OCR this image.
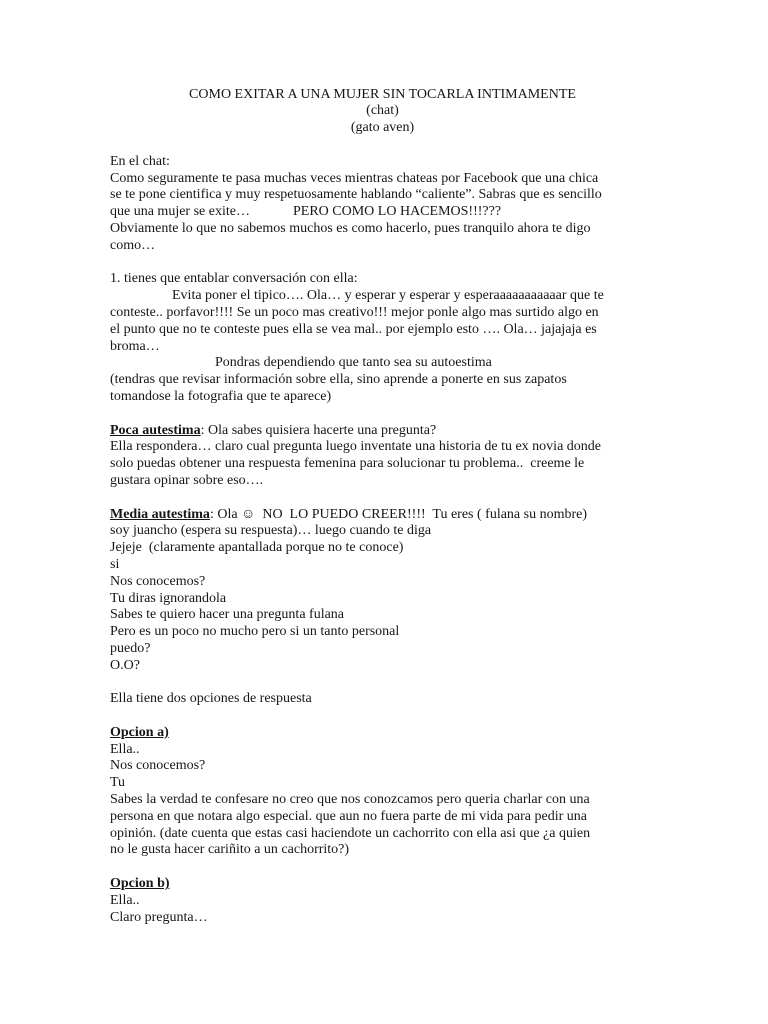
COMO EXITAR A UNA MUJER SIN TOCARLA INTIMAMENTE
(chat)
(gato aven)
En el chat:
Como seguramente te pasa muchas veces mientras chateas por Facebook que una chica
se te pone cientifica y muy respetuosamente hablando “caliente”. Sabras que es sencillo
que una mujer se exite…	PERO COMO LO HACEMOS!!!???
Obviamente lo que no sabemos muchos es como hacerlo, pues tranquilo ahora te digo
como…
1. tienes que entablar conversación con ella:
Evita poner el tipico…. Ola… y esperar y esperar y esperaaaaaaaaaaar que te
conteste.. porfavor!!!! Se un poco mas creativo!!! mejor ponle algo mas surtido algo en
el punto que no te conteste pues ella se vea mal.. por ejemplo esto …. Ola… jajajaja es
broma…
Pondras dependiendo que tanto sea su autoestima
(tendras que revisar información sobre ella, sino aprende a ponerte en sus zapatos
tomandose la fotografia que te aparece)
Poca autestima: Ola sabes quisiera hacerte una pregunta?
Ella respondera… claro cual pregunta luego inventate una historia de tu ex novia donde
solo puedas obtener una respuesta femenina para solucionar tu problema..  creeme le
gustara opinar sobre eso….
Media autestima: Ola ☺  NO  LO PUEDO CREER!!!!  Tu eres ( fulana su nombre)
soy juancho (espera su respuesta)… luego cuando te diga
Jejeje  (claramente apantallada porque no te conoce)
si
Nos conocemos?
Tu diras ignorandola
Sabes te quiero hacer una pregunta fulana
Pero es un poco no mucho pero si un tanto personal
puedo?
O.O?
Ella tiene dos opciones de respuesta
Opcion a)
Ella..
Nos conocemos?
Tu
Sabes la verdad te confesare no creo que nos conozcamos pero queria charlar con una
persona en que notara algo especial. que aun no fuera parte de mi vida para pedir una
opinión. (date cuenta que estas casi haciendote un cachorrito con ella asi que ¿a quien
no le gusta hacer cariñito a un cachorrito?)
Opcion b)
Ella..
Claro pregunta…
